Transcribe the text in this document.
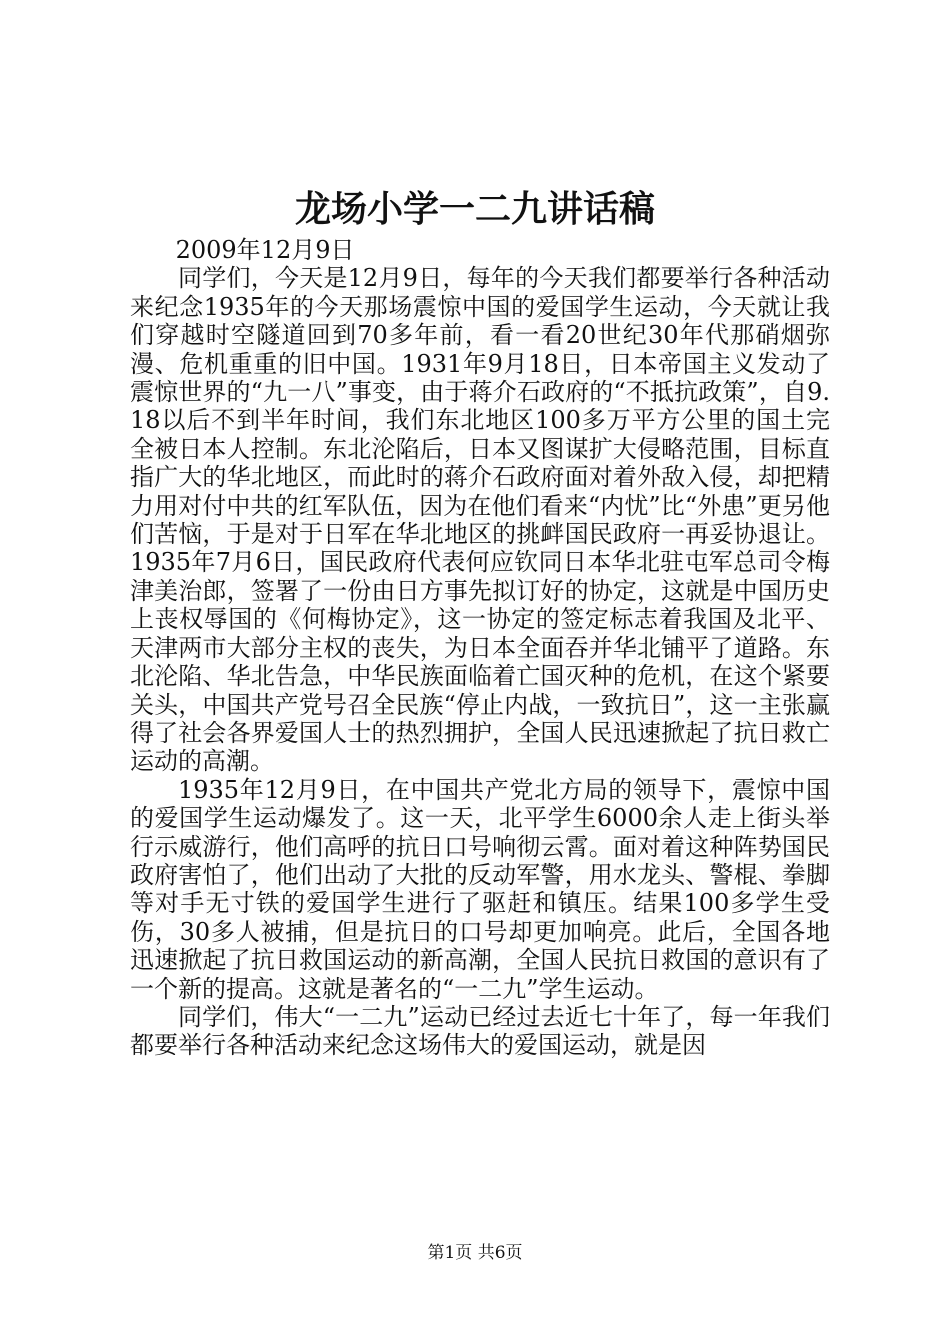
龙场小学一二九讲话稿

2009年12月9日

同学们，今天是12月9日，每年的今天我们都要举行各种活动来纪念1935年的今天那场震惊中国的爱国学生运动，今天就让我们穿越时空隧道回到70多年前，看一看20世纪30年代那硝烟弥漫、危机重重的旧中国。1931年9月18日，日本帝国主义发动了震惊世界的“九一八”事变，由于蒋介石政府的“不抵抗政策”，自9.18以后不到半年时间，我们东北地区100多万平方公里的国土完全被日本人控制。东北沦陷后，日本又图谋扩大侵略范围，目标直指广大的华北地区，而此时的蒋介石政府面对着外敌入侵，却把精力用对付中共的红军队伍，因为在他们看来“内忧”比“外患”更另他们苦恼，于是对于日军在华北地区的挑衅国民政府一再妥协退让。1935年7月6日，国民政府代表何应钦同日本华北驻屯军总司令梅津美治郎，签署了一份由日方事先拟订好的协定，这就是中国历史上丧权辱国的《何梅协定》，这一协定的签定标志着我国及北平、天津两市大部分主权的丧失，为日本全面吞并华北铺平了道路。东北沦陷、华北告急，中华民族面临着亡国灭种的危机，在这个紧要关头，中国共产党号召全民族“停止内战，一致抗日”，这一主张赢得了社会各界爱国人士的热烈拥护，全国人民迅速掀起了抗日救亡运动的高潮。

1935年12月9日，在中国共产党北方局的领导下，震惊中国的爱国学生运动爆发了。这一天，北平学生6000余人走上街头举行示威游行，他们高呼的抗日口号响彻云霄。面对着这种阵势国民政府害怕了，他们出动了大批的反动军警，用水龙头、警棍、拳脚等对手无寸铁的爱国学生进行了驱赶和镇压。结果100多学生受伤，30多人被捕，但是抗日的口号却更加响亮。此后，全国各地迅速掀起了抗日救国运动的新高潮，全国人民抗日救国的意识有了一个新的提高。这就是著名的“一二九”学生运动。

同学们，伟大“一二九”运动已经过去近七十年了，每一年我们都要举行各种活动来纪念这场伟大的爱国运动，就是因

第1页 共6页
